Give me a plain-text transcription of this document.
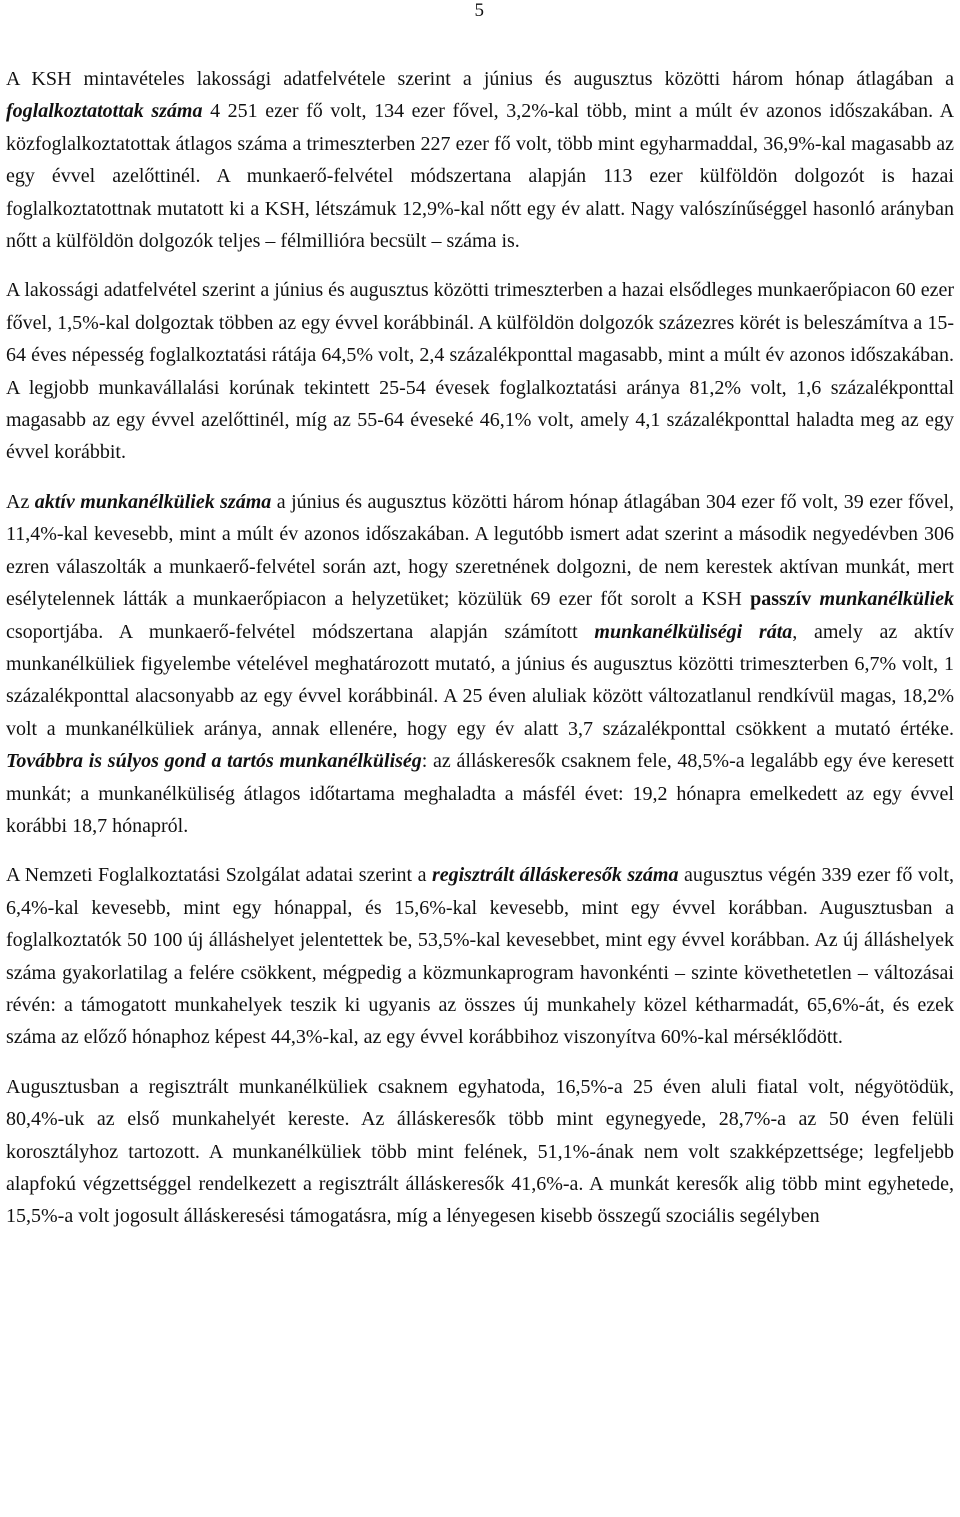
5

A KSH mintavételes lakossági adatfelvétele szerint a június és augusztus közötti három hónap átlagában a foglalkoztatottak száma 4 251 ezer fő volt, 134 ezer fővel, 3,2%-kal több, mint a múlt év azonos időszakában. A közfoglalkoztatottak átlagos száma a trimeszterben 227 ezer fő volt, több mint egyharmaddal, 36,9%-kal magasabb az egy évvel azelőttinél. A munkaerő-felvétel módszertana alapján 113 ezer külföldön dolgozót is hazai foglalkoztatottnak mutatott ki a KSH, létszámuk 12,9%-kal nőtt egy év alatt. Nagy valószínűséggel hasonló arányban nőtt a külföldön dolgozók teljes – félmillióra becsült – száma is.

A lakossági adatfelvétel szerint a június és augusztus közötti trimeszterben a hazai elsődleges munkaerőpiacon 60 ezer fővel, 1,5%-kal dolgoztak többen az egy évvel korábbinál. A külföldön dolgozók százezres körét is beleszámítva a 15-64 éves népesség foglalkoztatási rátája 64,5% volt, 2,4 százalékponttal magasabb, mint a múlt év azonos időszakában. A legjobb munkavállalási korúnak tekintett 25-54 évesek foglalkoztatási aránya 81,2% volt, 1,6 százalékponttal magasabb az egy évvel azelőttinél, míg az 55-64 éveseké 46,1% volt, amely 4,1 százalékponttal haladta meg az egy évvel korábbit.

Az aktív munkanélküliek száma a június és augusztus közötti három hónap átlagában 304 ezer fő volt, 39 ezer fővel, 11,4%-kal kevesebb, mint a múlt év azonos időszakában. A legutóbb ismert adat szerint a második negyedévben 306 ezren válaszolták a munkaerő-felvétel során azt, hogy szeretnének dolgozni, de nem kerestek aktívan munkát, mert esélytelennek látták a munkaerőpiacon a helyzetüket; közülük 69 ezer főt sorolt a KSH passzív munkanélküliek csoportjába. A munkaerő-felvétel módszertana alapján számított munkanélküliségi ráta, amely az aktív munkanélküliek figyelembe vételével meghatározott mutató, a június és augusztus közötti trimeszterben 6,7% volt, 1 százalékponttal alacsonyabb az egy évvel korábbinál. A 25 éven aluliak között változatlanul rendkívül magas, 18,2% volt a munkanélküliek aránya, annak ellenére, hogy egy év alatt 3,7 százalékponttal csökkent a mutató értéke. Továbbra is súlyos gond a tartós munkanélküliség: az álláskeresők csaknem fele, 48,5%-a legalább egy éve keresett munkát; a munkanélküliség átlagos időtartama meghaladta a másfél évet: 19,2 hónapra emelkedett az egy évvel korábbi 18,7 hónapról.

A Nemzeti Foglalkoztatási Szolgálat adatai szerint a regisztrált álláskeresők száma augusztus végén 339 ezer fő volt, 6,4%-kal kevesebb, mint egy hónappal, és 15,6%-kal kevesebb, mint egy évvel korábban. Augusztusban a foglalkoztatók 50 100 új álláshelyet jelentettek be, 53,5%-kal kevesebbet, mint egy évvel korábban. Az új álláshelyek száma gyakorlatilag a felére csökkent, mégpedig a közmunkaprogram havonkénti – szinte követhetetlen – változásai révén: a támogatott munkahelyek teszik ki ugyanis az összes új munkahely közel kétharmadát, 65,6%-át, és ezek száma az előző hónaphoz képest 44,3%-kal, az egy évvel korábbihoz viszonyítva 60%-kal mérséklődött.

Augusztusban a regisztrált munkanélküliek csaknem egyhatoda, 16,5%-a 25 éven aluli fiatal volt, négyötödük, 80,4%-uk az első munkahelyét kereste. Az álláskeresők több mint egynegyede, 28,7%-a az 50 éven felüli korosztályhoz tartozott. A munkanélküliek több mint felének, 51,1%-ának nem volt szakképzettsége; legfeljebb alapfokú végzettséggel rendelkezett a regisztrált álláskeresők 41,6%-a. A munkát keresők alig több mint egyhetede, 15,5%-a volt jogosult álláskeresési támogatásra, míg a lényegesen kisebb összegű szociális segélyben
